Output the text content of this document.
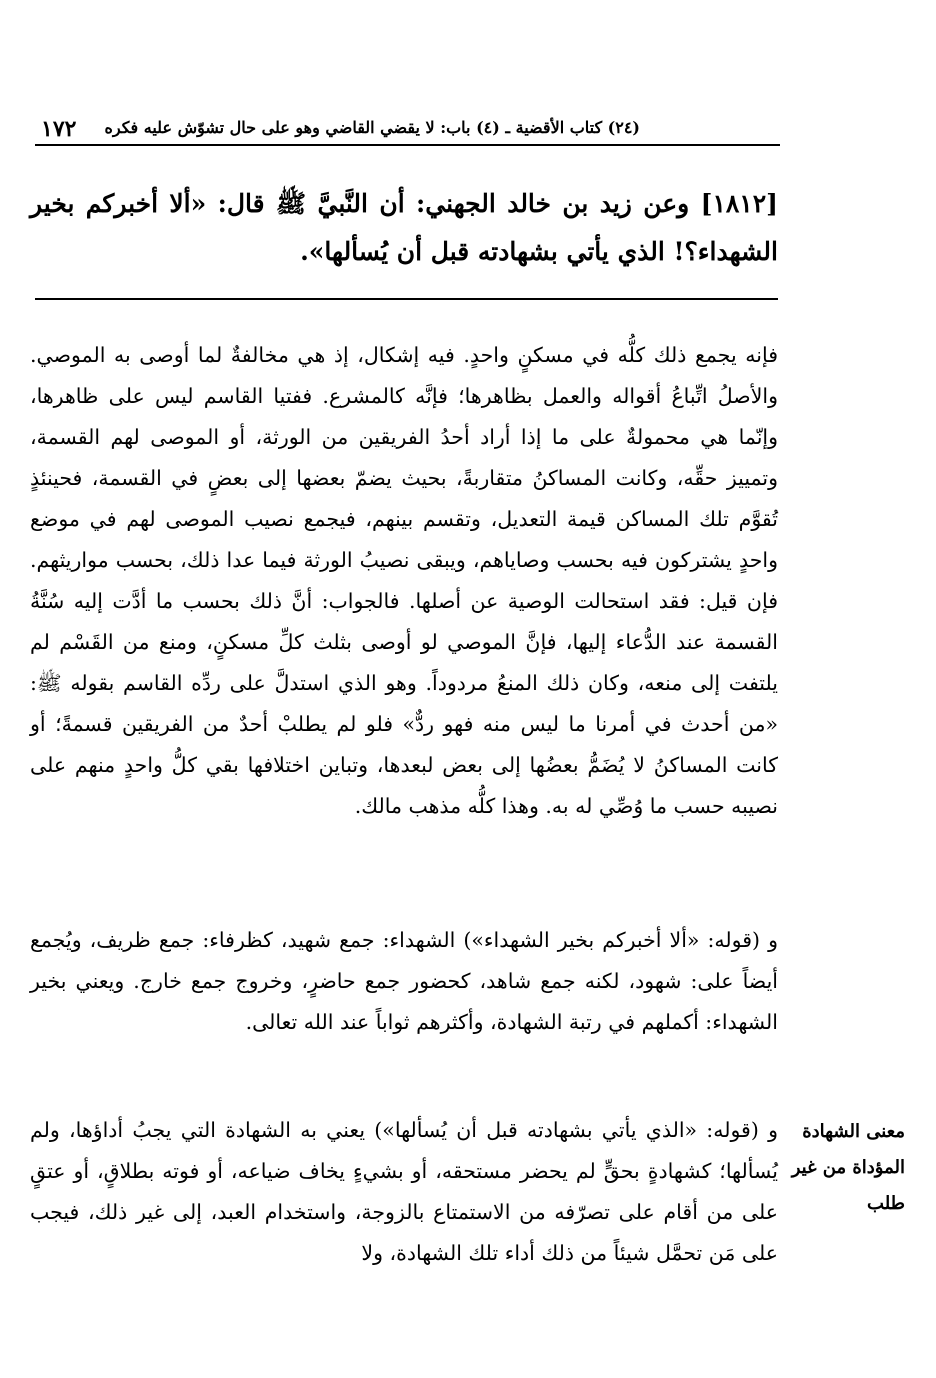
١٧٢ (٢٤) كتاب الأقضية ـ (٤) باب: لا يقضي القاضي وهو على حال تشوّش عليه فكره
[١٨١٢] وعن زيد بن خالد الجهني: أن النَّبيَّ ﷺ قال: «ألا أخبركم بخير الشهداء؟! الذي يأتي بشهادته قبل أن يُسألها».
فإنه يجمع ذلك كلُّه في مسكنٍ واحدٍ. فيه إشكال، إذ هي مخالفةٌ لما أوصى به الموصي. والأصلُ اتِّباعُ أقواله والعمل بظاهرها؛ فإنَّه كالمشرع. ففتيا القاسم ليس على ظاهرها، وإنّما هي محمولةٌ على ما إذا أراد أحدُ الفريقين من الورثة، أو الموصى لهم القسمة، وتمييز حقِّه، وكانت المساكنُ متقاربةً، بحيث يضمّ بعضها إلى بعضٍ في القسمة، فحينئذٍ تُقوَّم تلك المساكن قيمة التعديل، وتقسم بينهم، فيجمع نصيب الموصى لهم في موضع واحدٍ يشتركون فيه بحسب وصاياهم، ويبقى نصيبُ الورثة فيما عدا ذلك، بحسب مواريثهم. فإن قيل: فقد استحالت الوصية عن أصلها. فالجواب: أنَّ ذلك بحسب ما أدَّت إليه سُنَّةُ القسمة عند الدُّعاء إليها، فإنَّ الموصي لو أوصى بثلث كلِّ مسكنٍ، ومنع من القَسْم لم يلتفت إلى منعه، وكان ذلك المنعُ مردوداً. وهو الذي استدلَّ على ردِّه القاسم بقوله ﷺ: «من أحدث في أمرنا ما ليس منه فهو ردٌّ» فلو لم يطلبْ أحدٌ من الفريقين قسمةً؛ أو كانت المساكنُ لا يُضَمُّ بعضُها إلى بعض لبعدها، وتباين اختلافها بقي كلُّ واحدٍ منهم على نصيبه حسب ما وُصِّي له به. وهذا كلُّه مذهب مالك.
و (قوله: «ألا أخبركم بخير الشهداء») الشهداء: جمع شهيد، كظرفاء: جمع ظريف، ويُجمع أيضاً على: شهود، لكنه جمع شاهد، كحضور جمع حاضرٍ، وخروج جمع خارج. ويعني بخير الشهداء: أكملهم في رتبة الشهادة، وأكثرهم ثواباً عند الله تعالى.
و (قوله: «الذي يأتي بشهادته قبل أن يُسألها») يعني به الشهادة التي يجبُ أداؤها، ولم يُسألها؛ كشهادةٍ بحقٍّ لم يحضر مستحقه، أو بشيءٍ يخاف ضياعه، أو فوته بطلاقٍ، أو عتقٍ على من أقام على تصرّفه من الاستمتاع بالزوجة، واستخدام العبد، إلى غير ذلك، فيجب على مَن تحمَّل شيئاً من ذلك أداء تلك الشهادة، ولا
معنى الشهادة
المؤداة من غير
طلب
